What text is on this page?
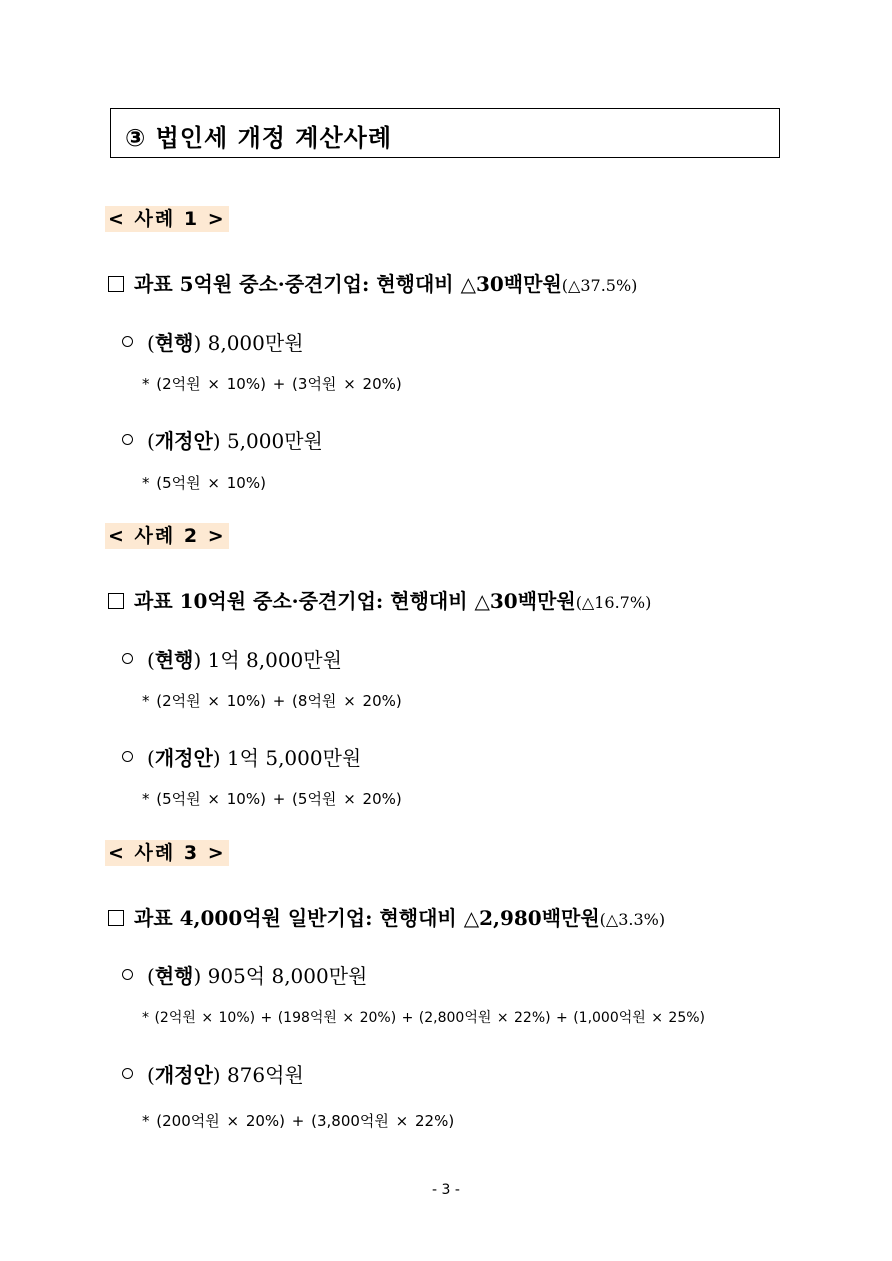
③ 법인세 개정 계산사례
< 사례 1 >
과표 5억원 중소·중견기업: 현행대비 △30백만원(△37.5%)
(현행) 8,000만원
* (2억원 × 10%) + (3억원 × 20%)
(개정안) 5,000만원
* (5억원 × 10%)
< 사례 2 >
과표 10억원 중소·중견기업: 현행대비 △30백만원(△16.7%)
(현행) 1억 8,000만원
* (2억원 × 10%) + (8억원 × 20%)
(개정안) 1억 5,000만원
* (5억원 × 10%) + (5억원 × 20%)
< 사례 3 >
과표 4,000억원 일반기업: 현행대비 △2,980백만원(△3.3%)
(현행) 905억 8,000만원
* (2억원 × 10%) + (198억원 × 20%) + (2,800억원 × 22%) + (1,000억원 × 25%)
(개정안) 876억원
* (200억원 × 20%) + (3,800억원 × 22%)
- 3 -
